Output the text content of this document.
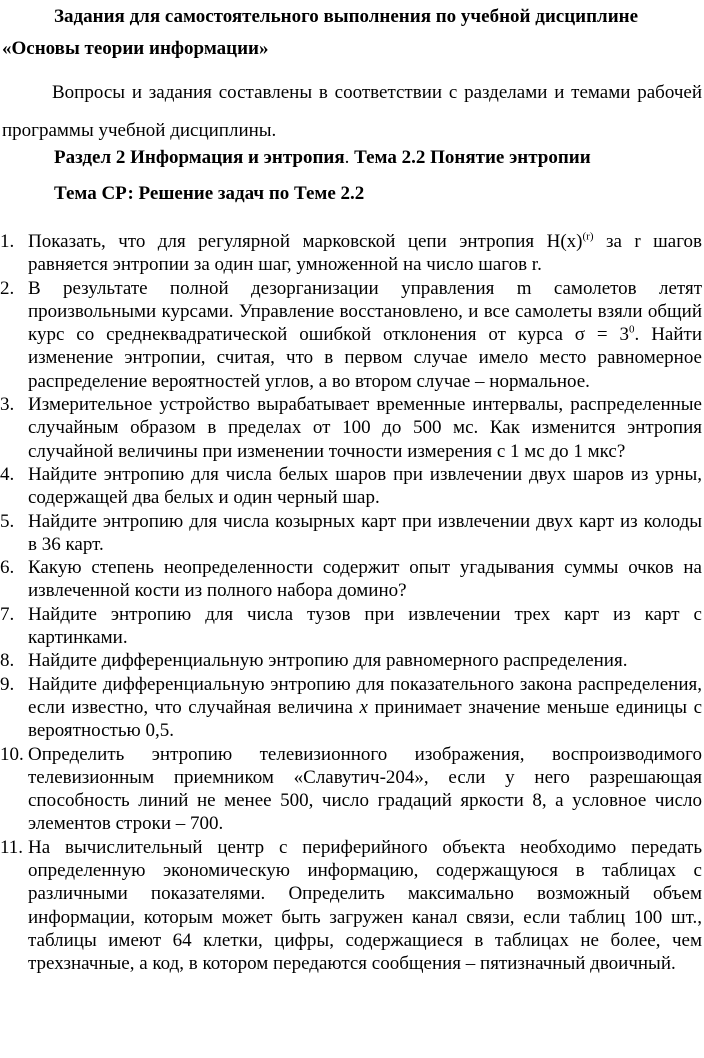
Задания для самостоятельного выполнения по учебной дисциплине

«Основы теории информации»

Вопросы и задания составлены в соответствии с разделами и темами рабочей программы учебной дисциплины.

Раздел 2 Информация и энтропия. Тема 2.2 Понятие энтропии

Тема СР: Решение задач по Теме 2.2

1. Показать, что для регулярной марковской цепи энтропия $H(x)^{(r)}$ за r шагов равняется энтропии за один шаг, умноженной на число шагов r.
2. В результате полной дезорганизации управления m самолетов летят произвольными курсами. Управление восстановлено, и все самолеты взяли общий курс со среднеквадратической ошибкой отклонения от курса $\sigma = 3^0$. Найти изменение энтропии, считая, что в первом случае имело место равномерное распределение вероятностей углов, а во втором случае – нормальное.
3. Измерительное устройство вырабатывает временные интервалы, распределенные случайным образом в пределах от 100 до 500 мс. Как изменится энтропия случайной величины при изменении точности измерения с 1 мс до 1 мкс?
4. Найдите энтропию для числа белых шаров при извлечении двух шаров из урны, содержащей два белых и один черный шар.
5. Найдите энтропию для числа козырных карт при извлечении двух карт из колоды в 36 карт.
6. Какую степень неопределенности содержит опыт угадывания суммы очков на извлеченной кости из полного набора домино?
7. Найдите энтропию для числа тузов при извлечении трех карт из карт с картинками.
8. Найдите дифференциальную энтропию для равномерного распределения.
9. Найдите дифференциальную энтропию для показательного закона распределения, если известно, что случайная величина x принимает значение меньше единицы с вероятностью 0,5.
10. Определить энтропию телевизионного изображения, воспроизводимого телевизионным приемником «Славутич-204», если у него разрешающая способность линий не менее 500, число градаций яркости 8, а условное число элементов строки – 700.
11. На вычислительный центр с периферийного объекта необходимо передать определенную экономическую информацию, содержащуюся в таблицах с различными показателями. Определить максимально возможный объем информации, которым может быть загружен канал связи, если таблиц 100 шт., таблицы имеют 64 клетки, цифры, содержащиеся в таблицах не более, чем трехзначные, а код, в котором передаются сообщения – пятизначный двоичный.
